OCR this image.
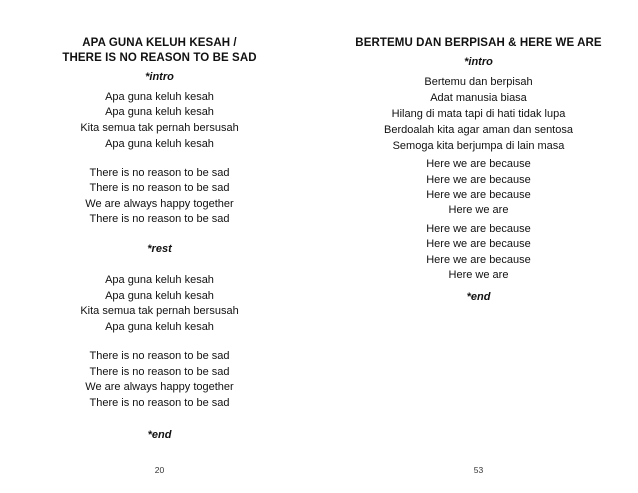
APA GUNA KELUH KESAH /
THERE IS NO REASON TO BE SAD
*intro
Apa guna keluh kesah
Apa guna keluh kesah
Kita semua tak pernah bersusah
Apa guna keluh kesah
There is no reason to be sad
There is no reason to be sad
We are always happy together
There is no reason to be sad
*rest
Apa guna keluh kesah
Apa guna keluh kesah
Kita semua tak pernah bersusah
Apa guna keluh kesah
There is no reason to be sad
There is no reason to be sad
We are always happy together
There is no reason to be sad
*end
20
BERTEMU DAN BERPISAH & HERE WE ARE
*intro
Bertemu dan berpisah
Adat manusia biasa
Hilang di mata tapi di hati tidak lupa
Berdoalah kita agar aman dan sentosa
Semoga kita berjumpa di lain masa
Here we are because
Here we are because
Here we are because
Here we are
Here we are because
Here we are because
Here we are because
Here we are
*end
53
